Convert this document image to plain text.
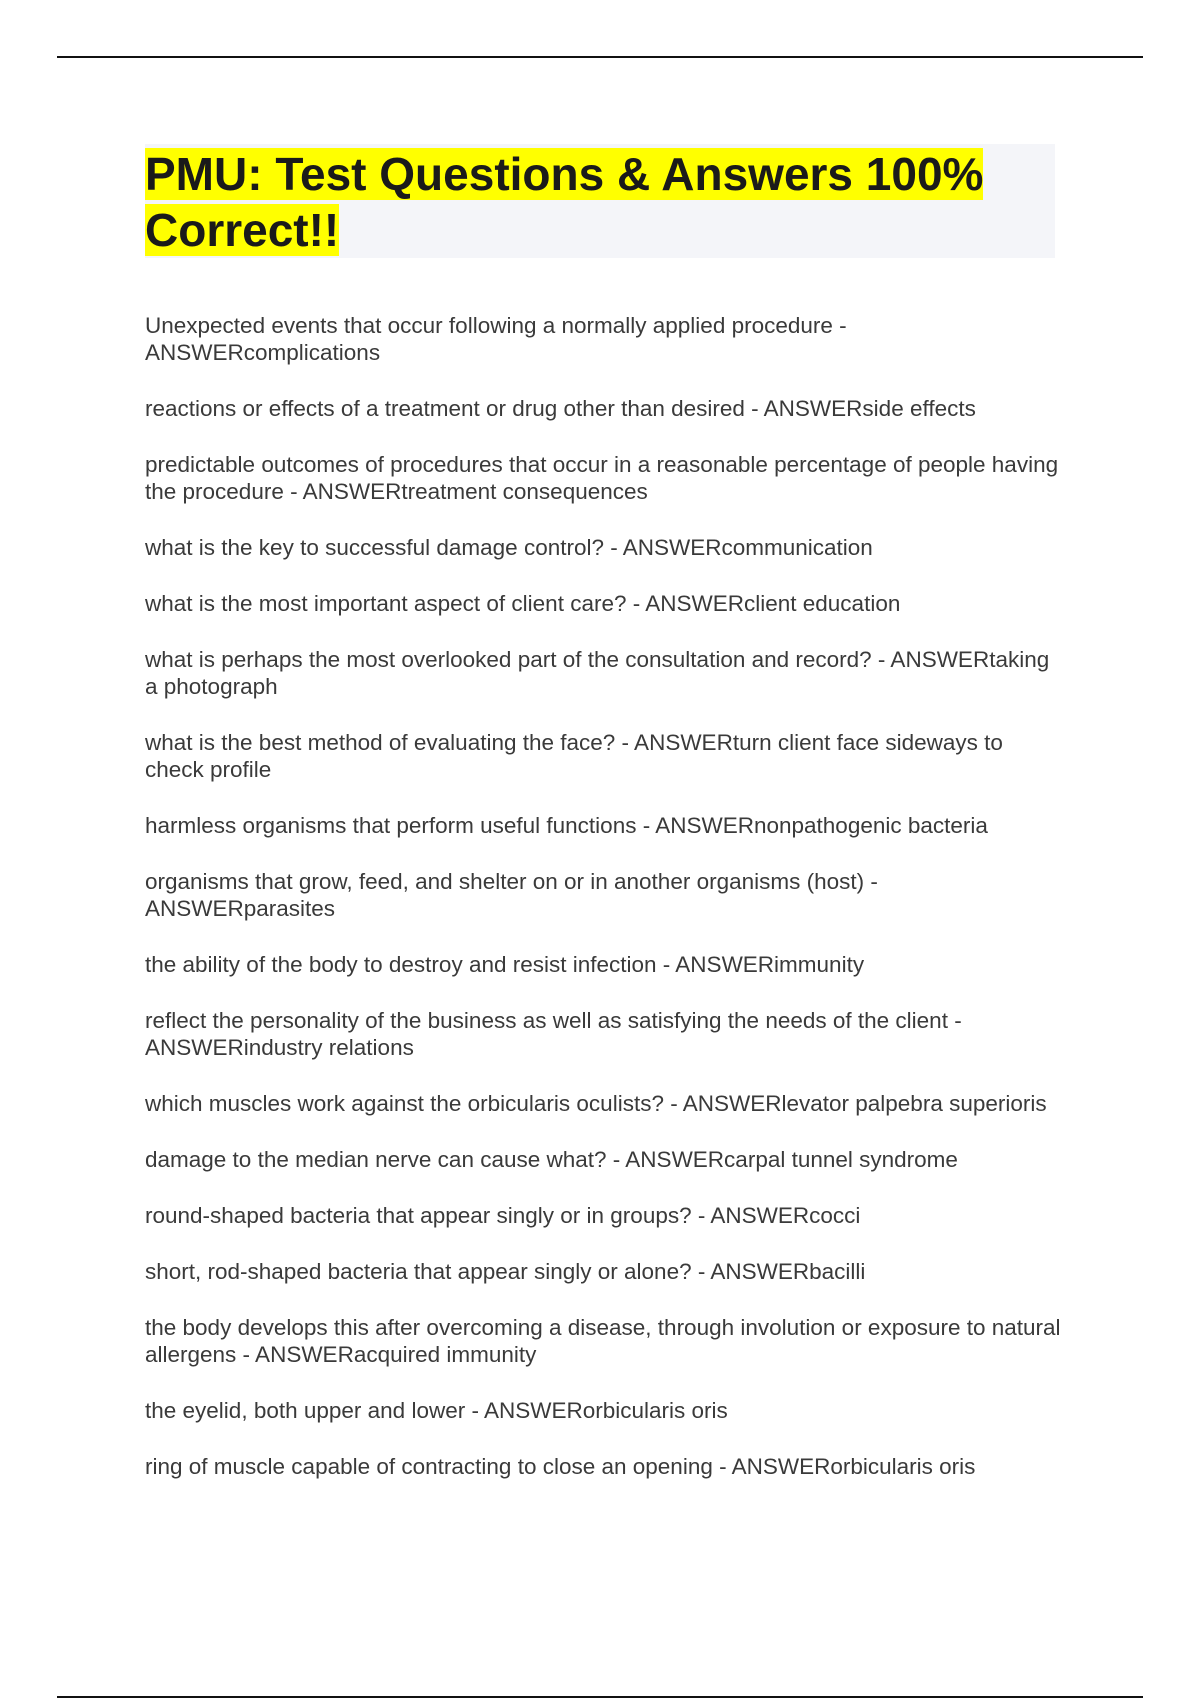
PMU: Test Questions & Answers 100% Correct!!
Unexpected events that occur following a normally applied procedure - ANSWERcomplications
reactions or effects of a treatment or drug other than desired - ANSWERside effects
predictable outcomes of procedures that occur in a reasonable percentage of people having the procedure - ANSWERtreatment consequences
what is the key to successful damage control? - ANSWERcommunication
what is the most important aspect of client care? - ANSWERclient education
what is perhaps the most overlooked part of the consultation and record? - ANSWERtaking a photograph
what is the best method of evaluating the face? - ANSWERturn client face sideways to check profile
harmless organisms that perform useful functions - ANSWERnonpathogenic bacteria
organisms that grow, feed, and shelter on or in another organisms (host) - ANSWERparasites
the ability of the body to destroy and resist infection - ANSWERimmunity
reflect the personality of the business as well as satisfying the needs of the client - ANSWERindustry relations
which muscles work against the orbicularis oculists? - ANSWERlevator palpebra superioris
damage to the median nerve can cause what? - ANSWERcarpal tunnel syndrome
round-shaped bacteria that appear singly or in groups? - ANSWERcocci
short, rod-shaped bacteria that appear singly or alone? - ANSWERbacilli
the body develops this after overcoming a disease, through involution or exposure to natural allergens - ANSWERacquired immunity
the eyelid, both upper and lower - ANSWERorbicularis oris
ring of muscle capable of contracting to close an opening - ANSWERorbicularis oris
